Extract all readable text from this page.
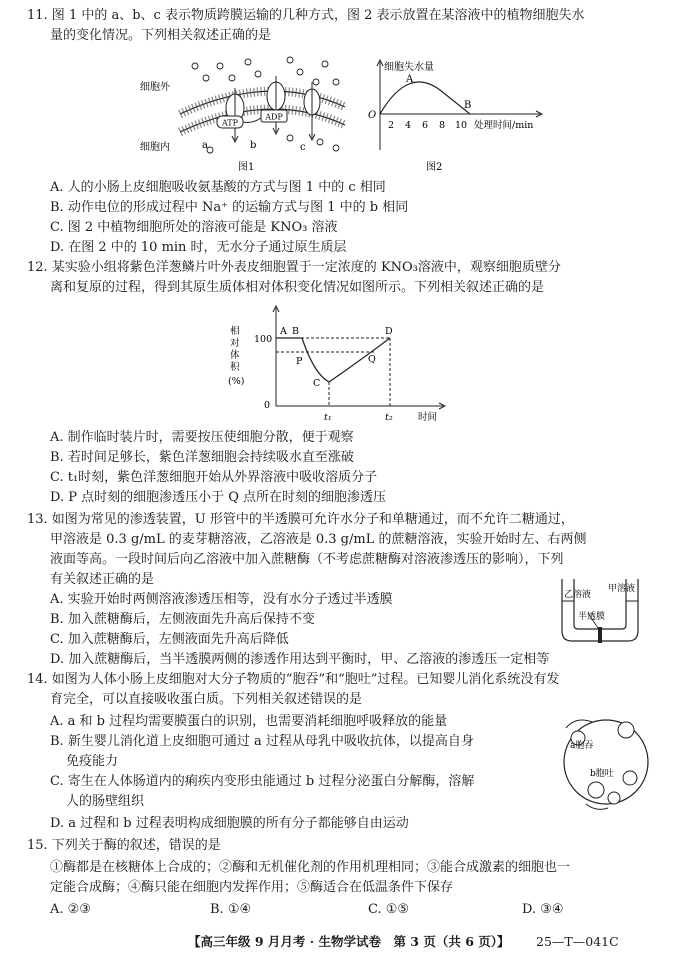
11. 图 1 中的 a、b、c 表示物质跨膜运输的几种方式，图 2 表示放置在某溶液中的植物细胞失水
量的变化情况。下列相关叙述正确的是
ATP
ADP
细胞外
细胞内	a	b	c
图1
细胞失水量
O
A
B
2 4 6 8 10 处理时间/min
图2
A. 人的小肠上皮细胞吸收氨基酸的方式与图 1 中的 c 相同
B. 动作电位的形成过程中 Na⁺ 的运输方式与图 1 中的 b 相同
C. 图 2 中植物细胞所处的溶液可能是 KNO₃ 溶液
D. 在图 2 中的 10 min 时，无水分子通过原生质层
12. 某实验小组将紫色洋葱鳞片叶外表皮细胞置于一定浓度的 KNO₃溶液中，观察细胞质壁分
离和复原的过程，得到其原生质体相对体积变化情况如图所示。下列相关叙述正确的是
相
对
体
积
(%)
100
0
A B
C
D
P	Q
t₁	t₂	时间
A. 制作临时装片时，需要按压使细胞分散，便于观察
B. 若时间足够长，紫色洋葱细胞会持续吸水直至涨破
C. t₁时刻，紫色洋葱细胞开始从外界溶液中吸收溶质分子
D. P 点时刻的细胞渗透压小于 Q 点所在时刻的细胞渗透压
13. 如图为常见的渗透装置，U 形管中的半透膜可允许水分子和单糖通过，而不允许二糖通过，
甲溶液是 0.3 g/mL 的麦芽糖溶液，乙溶液是 0.3 g/mL 的蔗糖溶液，实验开始时左、右两侧
液面等高。一段时间后向乙溶液中加入蔗糖酶（不考虑蔗糖酶对溶液渗透压的影响），下列
有关叙述正确的是
甲溶液
乙溶液
半透膜
A. 实验开始时两侧溶液渗透压相等，没有水分子透过半透膜
B. 加入蔗糖酶后，左侧液面先升高后保持不变
C. 加入蔗糖酶后，左侧液面先升高后降低
D. 加入蔗糖酶后，当半透膜两侧的渗透作用达到平衡时，甲、乙溶液的渗透压一定相等
14. 如图为人体小肠上皮细胞对大分子物质的“胞吞”和“胞吐”过程。已知婴儿消化系统没有发
育完全，可以直接吸收蛋白质。下列相关叙述错误的是
a胞吞
b胞吐
A. a 和 b 过程均需要膜蛋白的识别，也需要消耗细胞呼吸释放的能量
B. 新生婴儿消化道上皮细胞可通过 a 过程从母乳中吸收抗体，以提高自身
免疫能力
C. 寄生在人体肠道内的痢疾内变形虫能通过 b 过程分泌蛋白分解酶，溶解
人的肠壁组织
D. a 过程和 b 过程表明构成细胞膜的所有分子都能够自由运动
15. 下列关于酶的叙述，错误的是
①酶都是在核糖体上合成的；②酶和无机催化剂的作用机理相同；③能合成激素的细胞也一
定能合成酶；④酶只能在细胞内发挥作用；⑤酶适合在低温条件下保存
A. ②③	B. ①④	C. ①⑤	D. ③④
【高三年级 9 月月考 · 生物学试卷　第 3 页（共 6 页）】 25—T—041C
